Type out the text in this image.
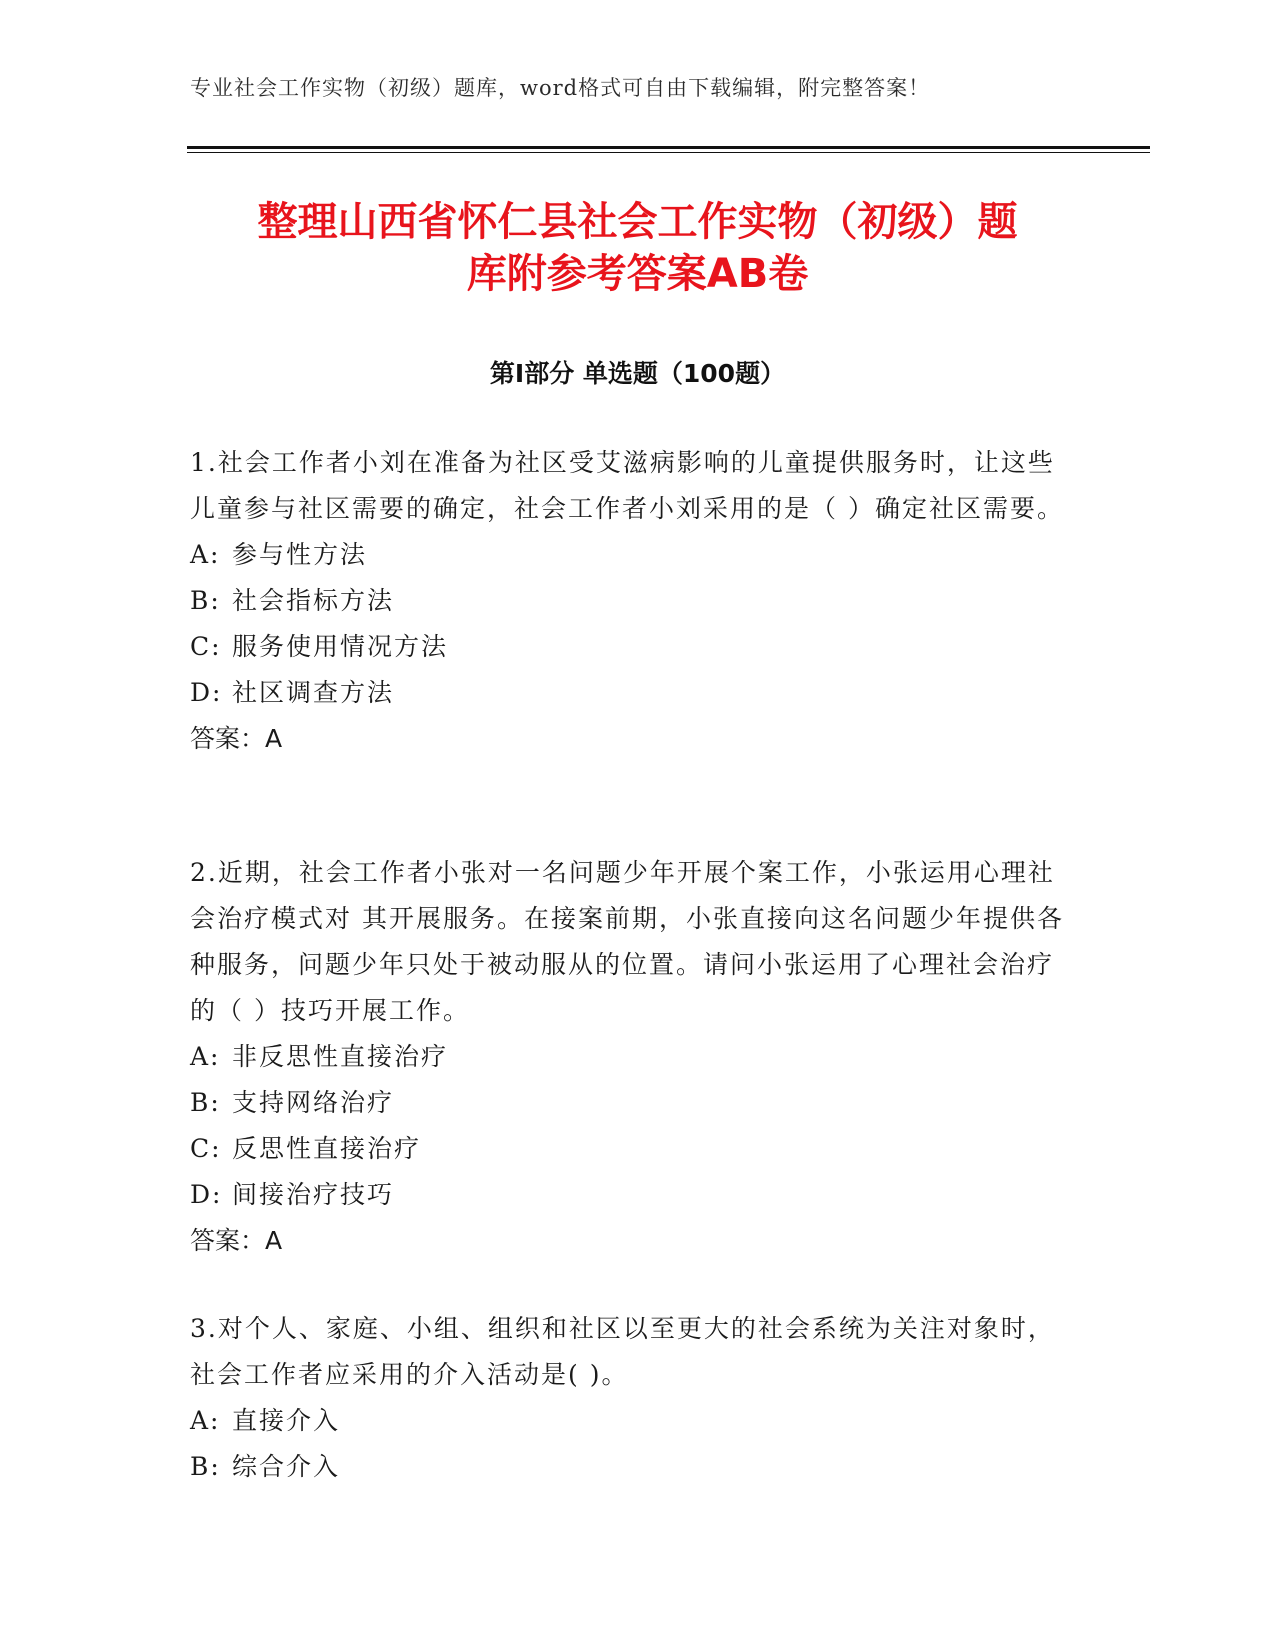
专业社会工作实物（初级）题库，word格式可自由下载编辑，附完整答案！
整理山西省怀仁县社会工作实物（初级）题
库附参考答案AB卷
第Ⅰ部分 单选题（100题）

1.社会工作者小刘在准备为社区受艾滋病影响的儿童提供服务时，让这些儿童参与社区需要的确定，社会工作者小刘采用的是（ ）确定社区需要。

A: 参与性方法

B: 社会指标方法

C: 服务使用情况方法

D: 社区调查方法

答案：A

2.近期，社会工作者小张对一名问题少年开展个案工作，小张运用心理社会治疗模式对 其开展服务。在接案前期，小张直接向这名问题少年提供各种服务，问题少年只处于被动服从的位置。请问小张运用了心理社会治疗的（ ）技巧开展工作。

A: 非反思性直接治疗

B: 支持网络治疗

C: 反思性直接治疗

D: 间接治疗技巧

答案：A

3.对个人、家庭、小组、组织和社区以至更大的社会系统为关注对象时，社会工作者应采用的介入活动是( )。

A: 直接介入

B: 综合介入
